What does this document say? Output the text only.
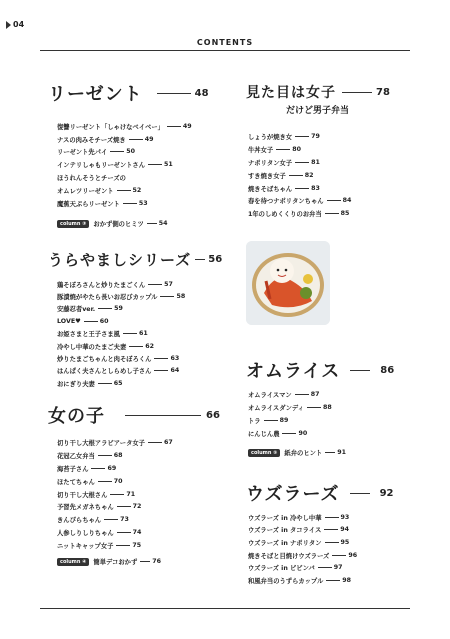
04
CONTENTS
リーゼント	48
復讐リーゼント「しゃけなベイベー」	49
ナスの肉みそチーズ焼き	49
リーゼント先パイ	50
インテリしゃもリーゼントさん	51
ほうれんそうとチーズの
オムレツリーゼント	52
魔蕉天ぷらリーゼント	53
column ③	おかず側のヒミツ 54
うらやましシリーズ 56
鶏そぼろさんと炒りたまごくん	57
豚漬焼がやたら長いお忍びカップル	58
安藤忍者ver.	59
LOVE♥	60
お姫さまと王子さま風	61
冷やし中華のたまご夫妻	62
炒りたまごちゃんと肉そぼろくん	63
はんぱく夫さんとしらめし子さん	64
おにぎり夫妻	65
女の子	66
切り干し大根アラビアータ女子	67
花冠乙女弁当	68
海苔子さん	69
ほたてちゃん	70
切り干し大根さん	71
予習先メガネちゃん	72
きんぴらちゃん	73
人参しりしりちゃん	74
ニットキャップ女子	75
column ④	簡単デコおかず 76
見た目は女子	78
だけど男子弁当
しょうが焼き女	79
牛丼女子	80
ナポリタン女子	81
すき焼き女子	82
焼きそばちゃん	83
春を待つナポリタンちゃん	84
1年のしめくくりのお弁当	85
オムライス	86
オムライスマン	87
オムライスダンディ	88
トラ	89
にんじん農	90
column ⑤	紙弁のヒント 91
ウズラーズ	92
ウズラーズ in 冷やし中華	93
ウズラーズ in タコライス	94
ウズラーズ in ナポリタン	95
焼きそばと目焼けウズラーズ	96
ウズラーズ in ビビンバ	97
和風弁当のうずらカップル	98
